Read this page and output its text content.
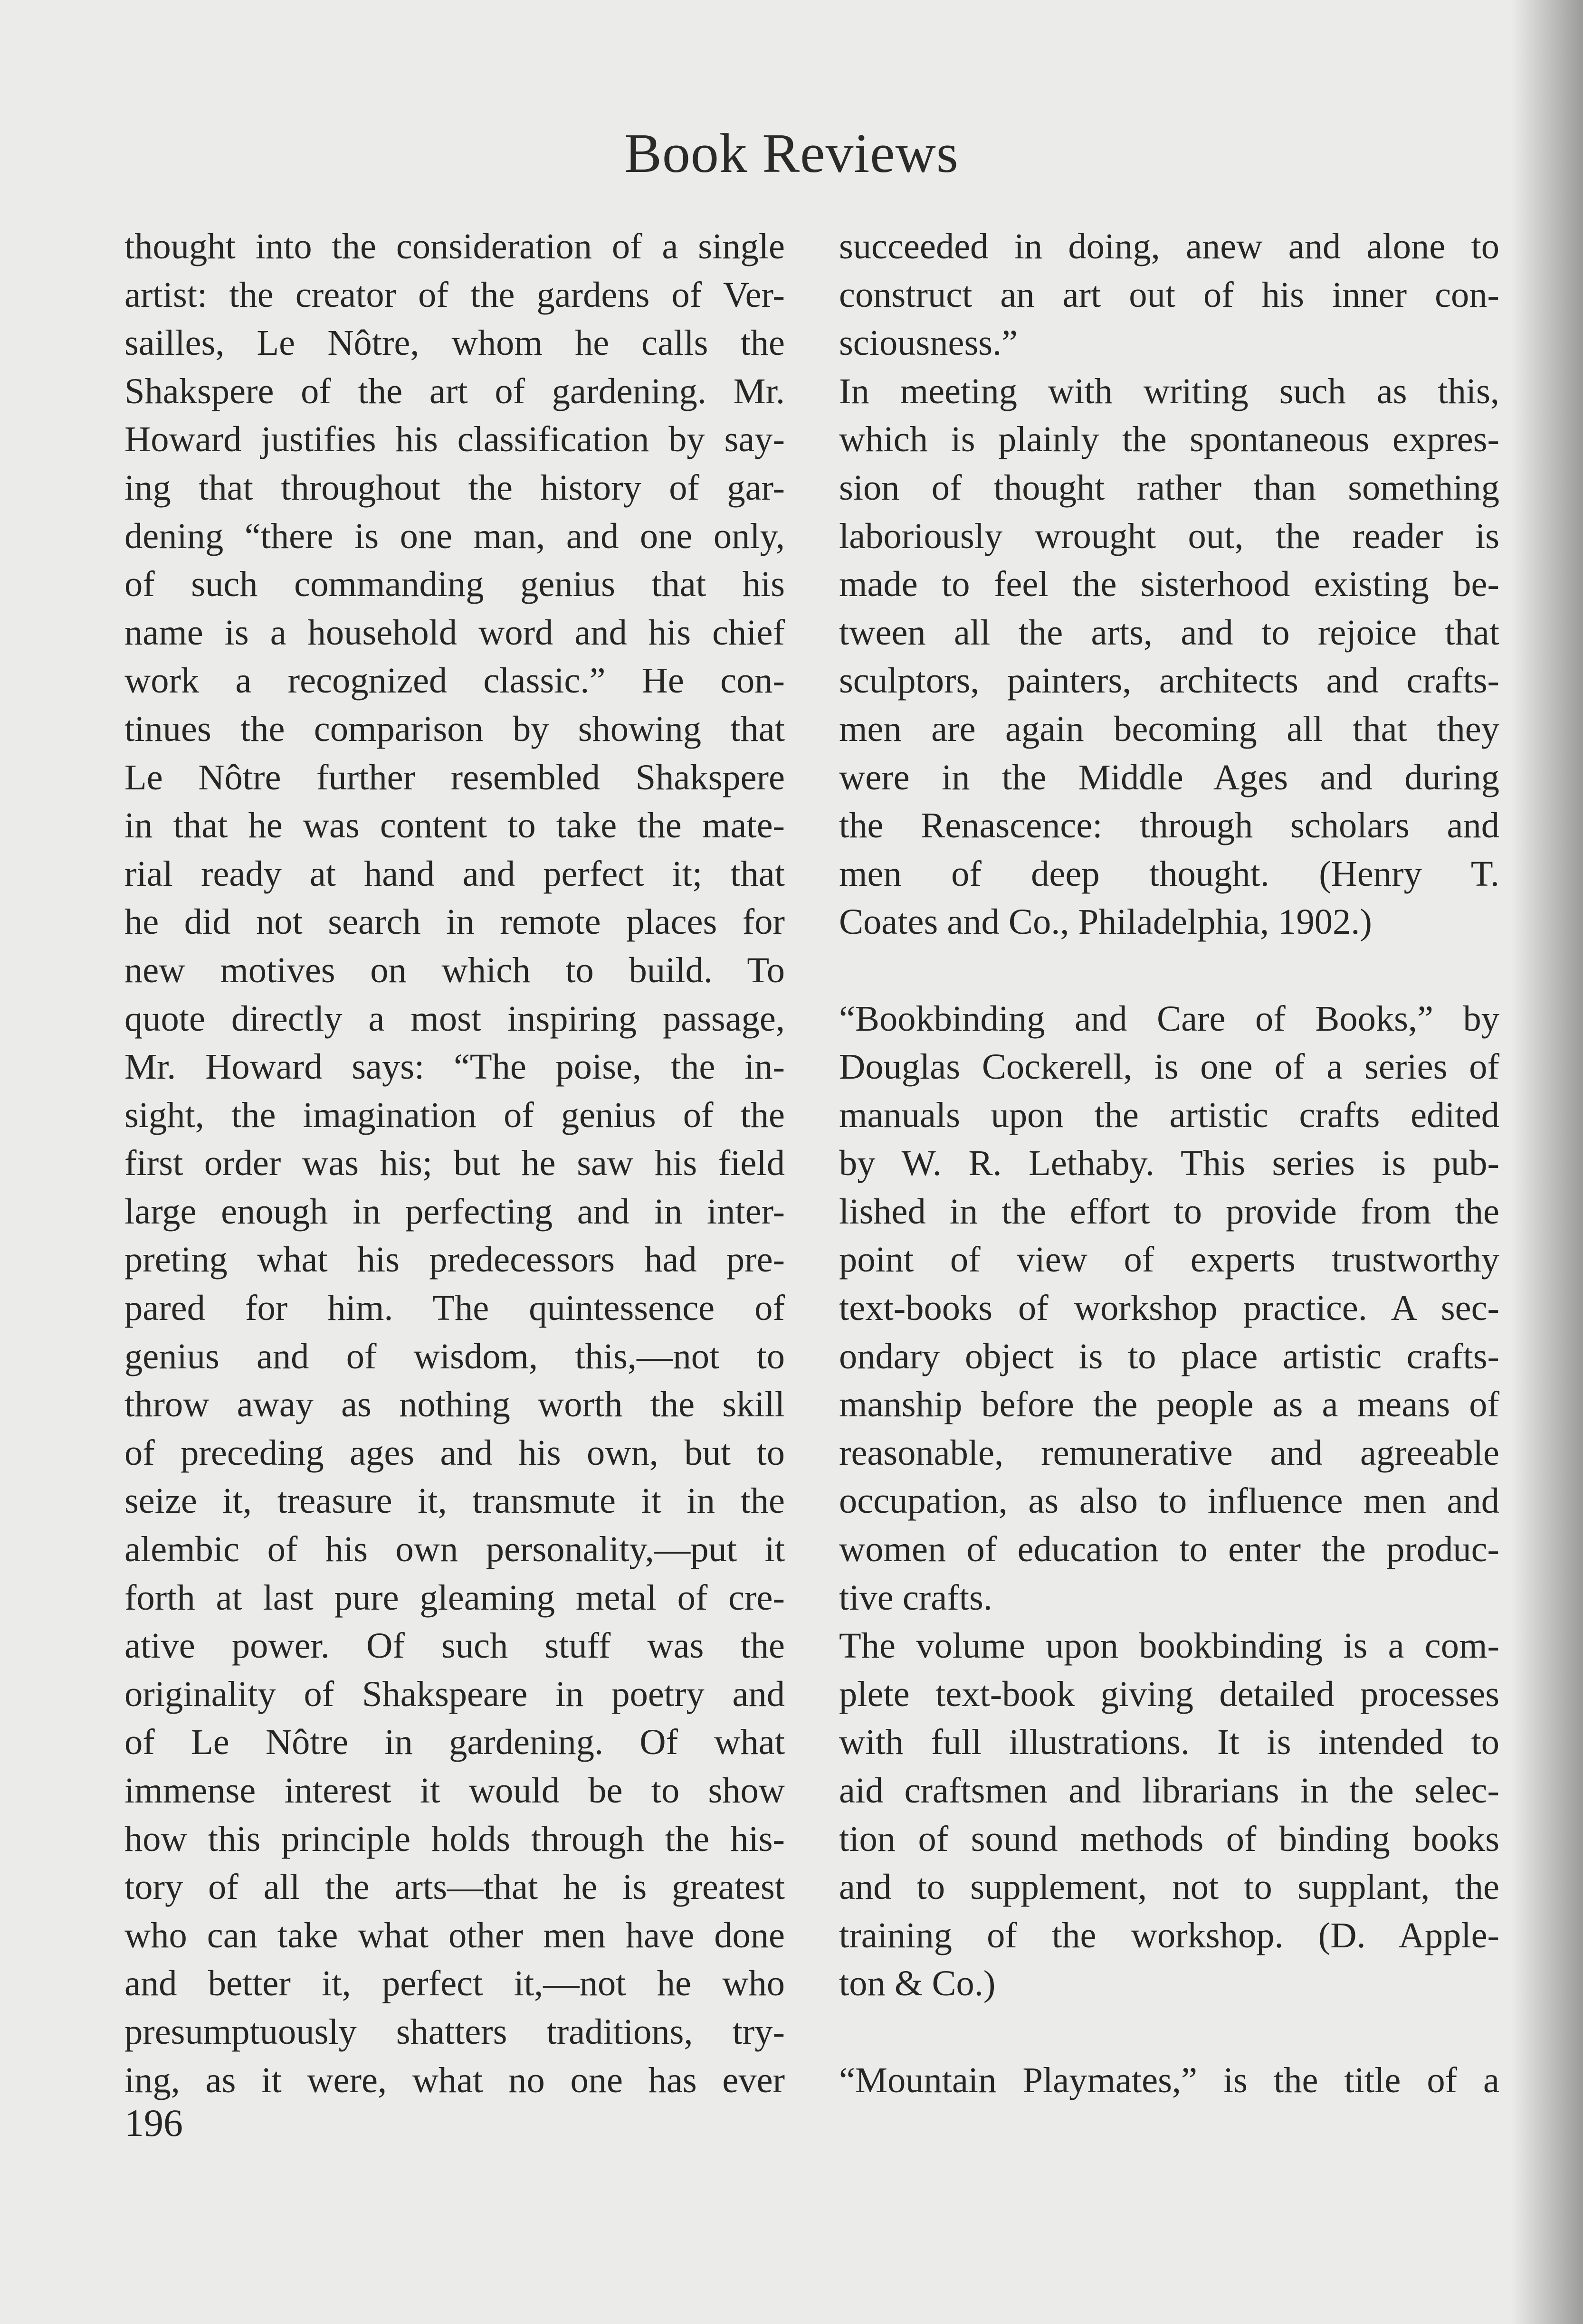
Book Reviews
thought into the consideration of a single
artist: the creator of the gardens of Ver-
sailles, Le Nôtre, whom he calls the
Shakspere of the art of gardening. Mr.
Howard justifies his classification by say-
ing that throughout the history of gar-
dening “there is one man, and one only,
of such commanding genius that his
name is a household word and his chief
work a recognized classic.” He con-
tinues the comparison by showing that
Le Nôtre further resembled Shakspere
in that he was content to take the mate-
rial ready at hand and perfect it; that
he did not search in remote places for
new motives on which to build. To
quote directly a most inspiring passage,
Mr. Howard says: “The poise, the in-
sight, the imagination of genius of the
first order was his; but he saw his field
large enough in perfecting and in inter-
preting what his predecessors had pre-
pared for him. The quintessence of
genius and of wisdom, this,—not to
throw away as nothing worth the skill
of preceding ages and his own, but to
seize it, treasure it, transmute it in the
alembic of his own personality,—put it
forth at last pure gleaming metal of cre-
ative power. Of such stuff was the
originality of Shakspeare in poetry and
of Le Nôtre in gardening. Of what
immense interest it would be to show
how this principle holds through the his-
tory of all the arts—that he is greatest
who can take what other men have done
and better it, perfect it,—not he who
presumptuously shatters traditions, try-
ing, as it were, what no one has ever
succeeded in doing, anew and alone to
construct an art out of his inner con-
sciousness.”
In meeting with writing such as this,
which is plainly the spontaneous expres-
sion of thought rather than something
laboriously wrought out, the reader is
made to feel the sisterhood existing be-
tween all the arts, and to rejoice that
sculptors, painters, architects and crafts-
men are again becoming all that they
were in the Middle Ages and during
the Renascence: through scholars and
men of deep thought. (Henry T.
Coates and Co., Philadelphia, 1902.)
“Bookbinding and Care of Books,” by
Douglas Cockerell, is one of a series of
manuals upon the artistic crafts edited
by W. R. Lethaby. This series is pub-
lished in the effort to provide from the
point of view of experts trustworthy
text-books of workshop practice. A sec-
ondary object is to place artistic crafts-
manship before the people as a means of
reasonable, remunerative and agreeable
occupation, as also to influence men and
women of education to enter the produc-
tive crafts.
The volume upon bookbinding is a com-
plete text-book giving detailed processes
with full illustrations. It is intended to
aid craftsmen and librarians in the selec-
tion of sound methods of binding books
and to supplement, not to supplant, the
training of the workshop. (D. Apple-
ton & Co.)
“Mountain Playmates,” is the title of a
196
